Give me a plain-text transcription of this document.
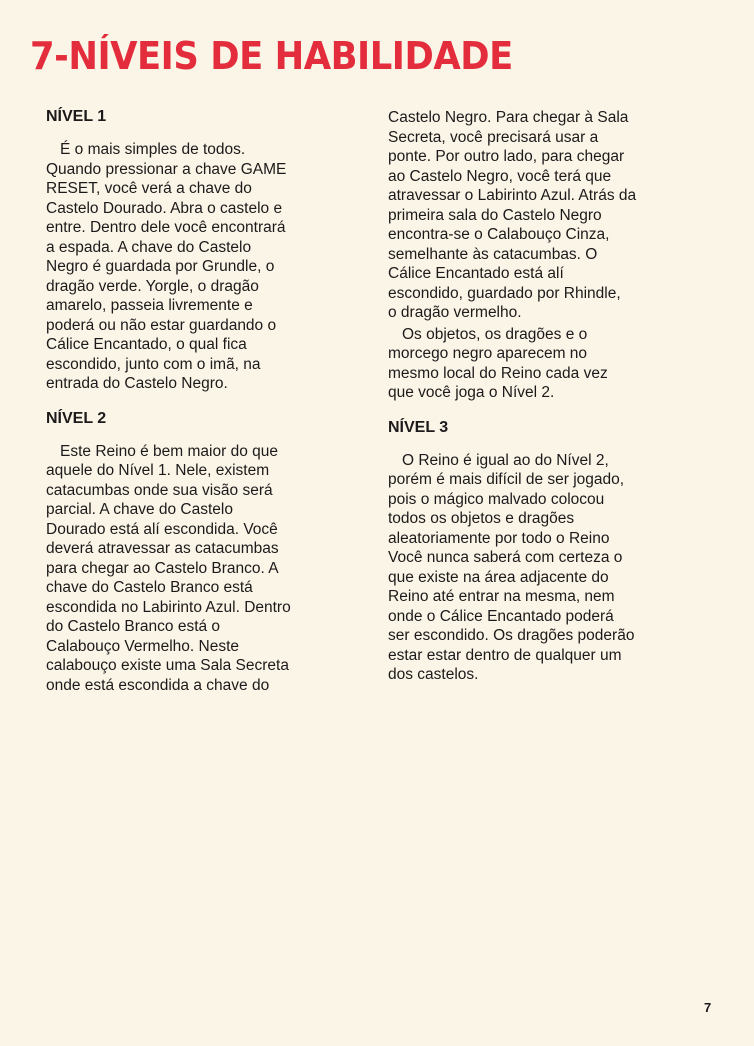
7-NÍVEIS DE HABILIDADE
NÍVEL 1

É o mais simples de todos.
Quando pressionar a chave GAME
RESET, você verá a chave do
Castelo Dourado. Abra o castelo e
entre. Dentro dele você encontrará
a espada. A chave do Castelo
Negro é guardada por Grundle, o
dragão verde. Yorgle, o dragão
amarelo, passeia livremente e
poderá ou não estar guardando o
Cálice Encantado, o qual fica
escondido, junto com o imã, na
entrada do Castelo Negro.

NÍVEL 2

Este Reino é bem maior do que
aquele do Nível 1. Nele, existem
catacumbas onde sua visão será
parcial. A chave do Castelo
Dourado está alí escondida. Você
deverá atravessar as catacumbas
para chegar ao Castelo Branco. A
chave do Castelo Branco está
escondida no Labirinto Azul. Dentro
do Castelo Branco está o
Calabouço Vermelho. Neste
calabouço existe uma Sala Secreta
onde está escondida a chave do

Castelo Negro. Para chegar à Sala
Secreta, você precisará usar a
ponte. Por outro lado, para chegar
ao Castelo Negro, você terá que
atravessar o Labirinto Azul. Atrás da
primeira sala do Castelo Negro
encontra-se o Calabouço Cinza,
semelhante às catacumbas. O
Cálice Encantado está alí
escondido, guardado por Rhindle,
o dragão vermelho.

Os objetos, os dragões e o
morcego negro aparecem no
mesmo local do Reino cada vez
que você joga o Nível 2.

NÍVEL 3

O Reino é igual ao do Nível 2,
porém é mais difícil de ser jogado,
pois o mágico malvado colocou
todos os objetos e dragões
aleatoriamente por todo o Reino
Você nunca saberá com certeza o
que existe na área adjacente do
Reino até entrar na mesma, nem
onde o Cálice Encantado poderá
ser escondido. Os dragões poderão
estar estar dentro de qualquer um
dos castelos.

7
